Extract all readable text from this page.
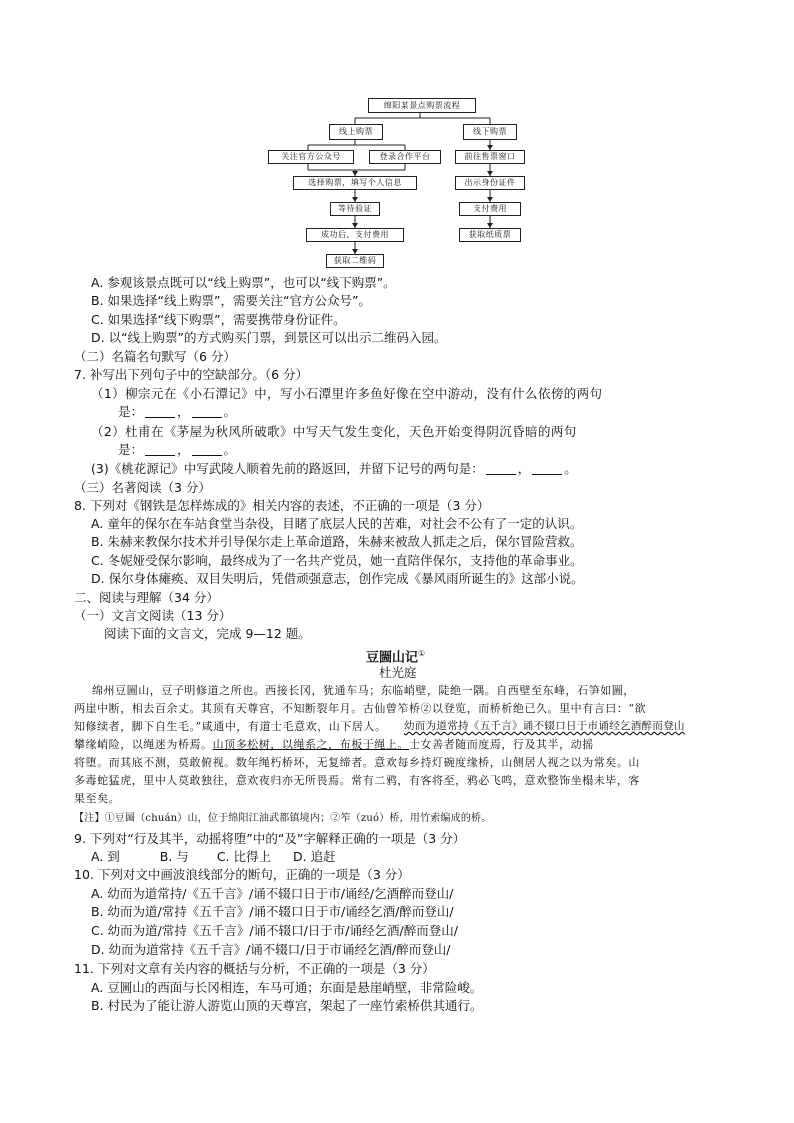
绵阳某景点购票流程
线上购票	线下购票
关注官方公众号	登录合作平台	前往售票窗口
选择购票，填写个人信息	出示身份证件
等待验证	支付费用
成功后，支付费用	获取纸质票
获取二维码
A. 参观该景点既可以“线上购票”，也可以“线下购票”。
B. 如果选择“线上购票”，需要关注“官方公众号”。
C. 如果选择“线下购票”，需要携带身份证件。
D. 以“线上购票”的方式购买门票，到景区可以出示二维码入园。
（二）名篇名句默写（6 分）
7. 补写出下列句子中的空缺部分。（6 分）
（1）柳宗元在《小石潭记》中，写小石潭里许多鱼好像在空中游动，没有什么依傍的两句
是：	，	。
（2）杜甫在《茅屋为秋风所破歌》中写天气发生变化，天色开始变得阴沉昏暗的两句
是：	，	。
(3)《桃花源记》中写武陵人顺着先前的路返回，并留下记号的两句是：	，	。
（三）名著阅读（3 分）
8. 下列对《钢铁是怎样炼成的》相关内容的表述，不正确的一项是（3 分）
A. 童年的保尔在车站食堂当杂役，目睹了底层人民的苦难，对社会不公有了一定的认识。
B. 朱赫来教保尔技术并引导保尔走上革命道路，朱赫来被敌人抓走之后，保尔冒险营救。
C. 冬妮娅受保尔影响，最终成为了一名共产党员，她一直陪伴保尔，支持他的革命事业。
D. 保尔身体瘫痪、双目失明后，凭借顽强意志，创作完成《暴风雨所诞生的》这部小说。
二、阅读与理解（34 分）
（一）文言文阅读（13 分）
阅读下面的文言文，完成 9—12 题。
豆圌山记①
杜光庭
绵州豆圌山，豆子明修道之所也。西接长冈，犹通车马；东临峭壁，陡绝一隅。自西壁至东峰，石笋如圌，
两崖中断，相去百余丈。其顶有天尊宫，不知断裂年月。古仙曾笮桥②以登览，而桥析绝已久。里中有言曰：“欲
知修续者，脚下自生毛。”咸通中，有道士毛意欢，山下居人。
攀缘峭险，以绳迷为桥焉。山顶多松树，以绳系之，布板于绳上。士女善者随而度焉，行及其半，动摇
将堕。而其底不测，莫敢俯视。数年绳朽桥坏，无复缔者。意欢每乡持灯碗度缘桥，山侧居人视之以为常矣。山
多毒蛇猛虎，里中人莫敢独往，意欢夜归亦无所畏焉。常有二鸦，有客将至，鸦必飞鸣，意欢整饰坐榻未毕，客
果至矣。
幼而为道常持《五千言》诵不辍口日于市诵经乞酒醉而登山
【注】①豆圌（chuán）山，位于绵阳江油武都镇境内；②笮（zuó）桥，用竹索编成的桥。
9. 下列对“行及其半，动摇将堕”中的“及”字解释正确的一项是（3 分）
A. 到	B. 与 C. 比得上 D. 追赶
10. 下列对文中画波浪线部分的断句，正确的一项是（3 分）
A. 幼而为道常持/《五千言》/诵不辍口日于市/诵经/乞酒醉而登山/
B. 幼而为道/常持《五千言》/诵不辍口日于市/诵经乞酒/醉而登山/
C. 幼而为道/常持《五千言》/诵不辍口/日于市/诵经乞酒/醉而登山/
D. 幼而为道常持《五千言》/诵不辍口/日于市诵经乞酒/醉而登山/
11. 下列对文章有关内容的概括与分析，不正确的一项是（3 分）
A. 豆圌山的西面与长冈相连，车马可通；东面是悬崖峭壁，非常险峻。
B. 村民为了能让游人游览山顶的天尊宫，架起了一座竹索桥供其通行。
